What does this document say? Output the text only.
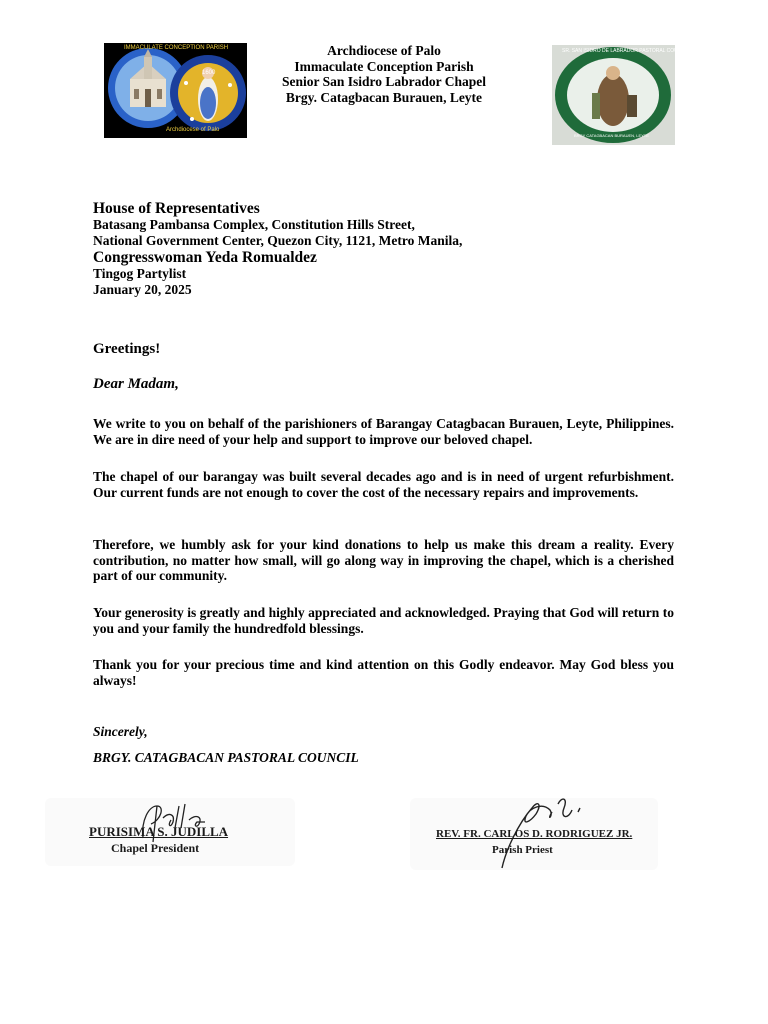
IMMACULATE CONCEPTION PARISH
1600
Archdiocese of Palo
Archdiocese of Palo
Immaculate Conception Parish
Senior San Isidro Labrador Chapel
Brgy. Catagbacan Burauen, Leyte
SR. SAN ISIDRO DE LABRADOR PASTORAL COUNCIL
BRGY CATAGBACAN BURAUEN, LEYTE
House of Representatives
Batasang Pambansa Complex, Constitution Hills Street,
National Government Center, Quezon City, 1121, Metro Manila,
Congresswoman Yeda Romualdez
Tingog Partylist
January 20, 2025
Greetings!
Dear Madam,
We write to you on behalf of the parishioners of Barangay Catagbacan Burauen, Leyte, Philippines. We are in dire need of your help and support to improve our beloved chapel.
The chapel of our barangay was built several decades ago and is in need of urgent refurbishment. Our current funds are not enough to cover the cost of the necessary repairs and improvements.
Therefore, we humbly ask for your kind donations to help us make this dream a reality. Every contribution, no matter how small, will go along way in improving the chapel, which is a cherished part of our community.
Your generosity is greatly and highly appreciated and acknowledged. Praying that God will return to you and your family the hundredfold blessings.
Thank you for your precious time and kind attention on this Godly endeavor. May God bless you always!
Sincerely,
BRGY. CATAGBACAN PASTORAL COUNCIL
PURISIMA S. JUDILLA
Chapel President
REV. FR. CARLOS D. RODRIGUEZ JR.
Parish Priest
